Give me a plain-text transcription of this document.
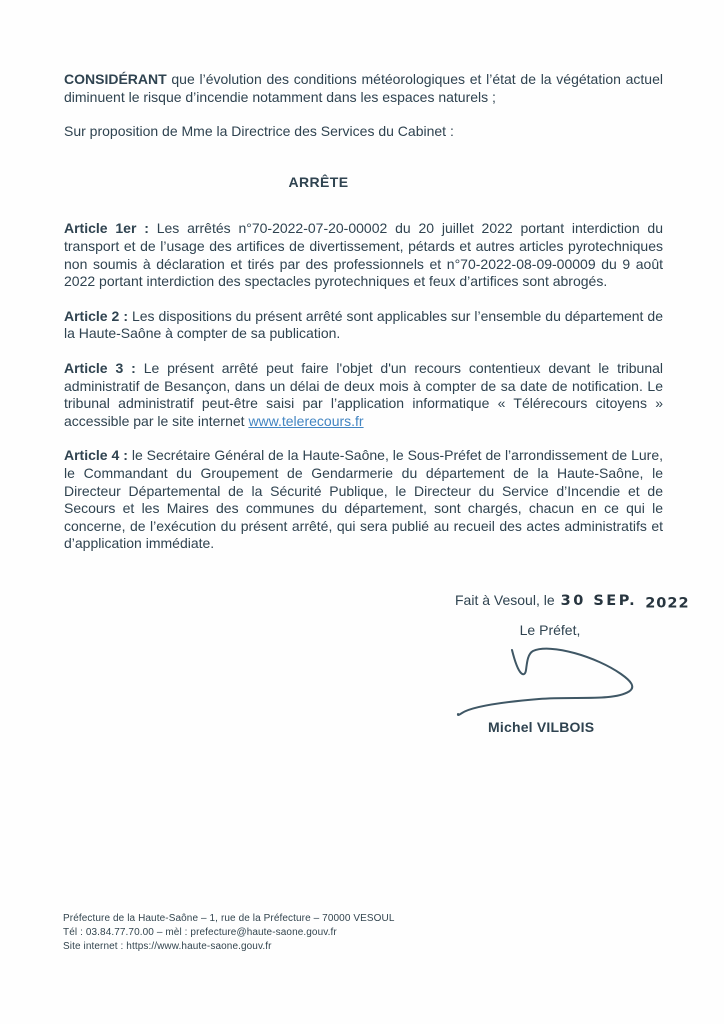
CONSIDÉRANT que l’évolution des conditions météorologiques et l’état de la végétation actuel diminuent le risque d’incendie notamment dans les espaces naturels ;

Sur proposition de Mme la Directrice des Services du Cabinet :

ARRÊTE

Article 1er : Les arrêtés n°70-2022-07-20-00002 du 20 juillet 2022 portant interdiction du transport et de l’usage des artifices de divertissement, pétards et autres articles pyrotechniques non soumis à déclaration et tirés par des professionnels et n°70-2022-08-09-00009 du 9 août 2022 portant interdiction des spectacles pyrotechniques et feux d’artifices sont abrogés.

Article 2 : Les dispositions du présent arrêté sont applicables sur l’ensemble du département de la Haute-Saône à compter de sa publication.

Article 3 : Le présent arrêté peut faire l'objet d'un recours contentieux devant le tribunal administratif de Besançon, dans un délai de deux mois à compter de sa date de notification. Le tribunal administratif peut-être saisi par l’application informatique « Télérecours citoyens » accessible par le site internet www.telerecours.fr

Article 4 : le Secrétaire Général de la Haute-Saône, le Sous-Préfet de l’arrondissement de Lure, le Commandant du Groupement de Gendarmerie du département de la Haute-Saône, le Directeur Départemental de la Sécurité Publique, le Directeur du Service d’Incendie et de Secours et les Maires des communes du département, sont chargés, chacun en ce qui le concerne, de l’exécution du présent arrêté, qui sera publié au recueil des actes administratifs et d’application immédiate.

Fait à Vesoul, le 30 SEP. 2022
Le Préfet,
Michel VILBOIS
Préfecture de la Haute-Saône – 1, rue de la Préfecture – 70000 VESOUL
Tél : 03.84.77.70.00 – mèl : prefecture@haute-saone.gouv.fr
Site internet : https://www.haute-saone.gouv.fr
